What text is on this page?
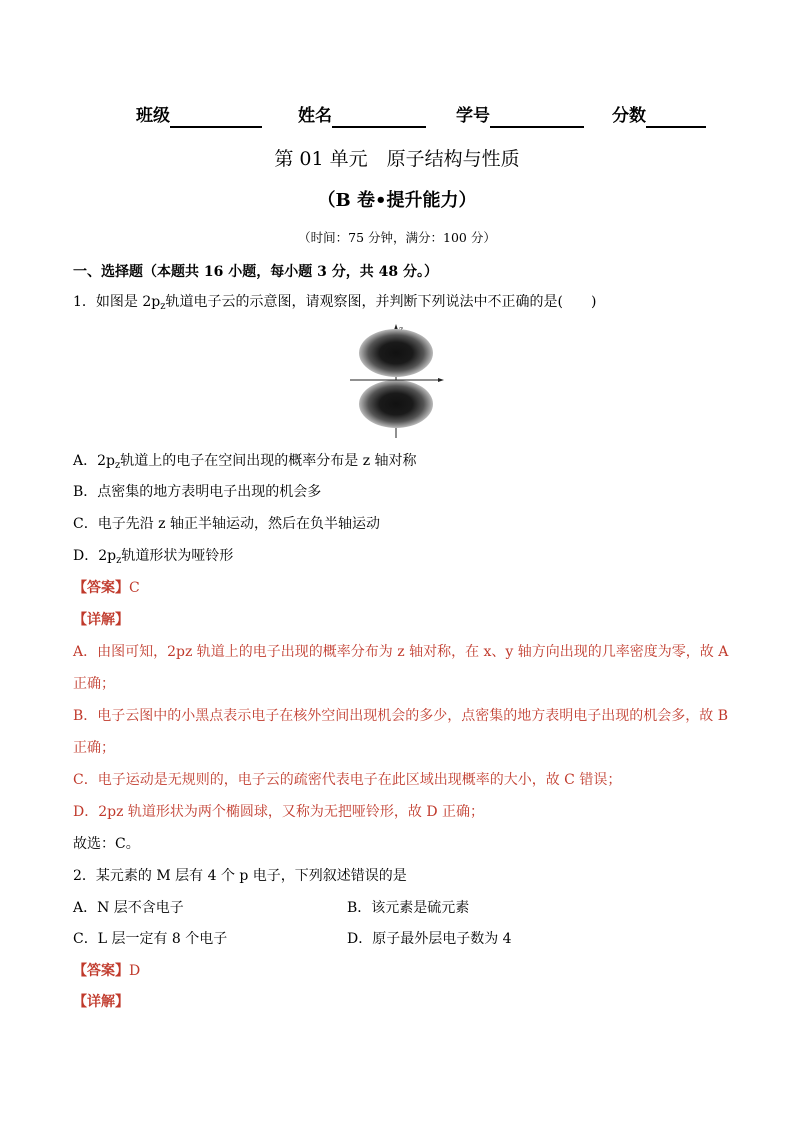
班级	姓名	学号	分数
第 01 单元　原子结构与性质
（B 卷•提升能力）
（时间：75 分钟，满分：100 分）
一、选择题（本题共 16 小题，每小题 3 分，共 48 分。）
1．如图是 $2p_z$轨道电子云的示意图，请观察图，并判断下列说法中不正确的是(　　)
A．$2p_z$轨道上的电子在空间出现的概率分布是 z 轴对称
B．点密集的地方表明电子出现的机会多
C．电子先沿 z 轴正半轴运动，然后在负半轴运动
D．$2p_z$轨道形状为哑铃形
【答案】C
【详解】
A．由图可知，2pz 轨道上的电子出现的概率分布为 z 轴对称，在 x、y 轴方向出现的几率密度为零，故 A
正确；
B．电子云图中的小黑点表示电子在核外空间出现机会的多少，点密集的地方表明电子出现的机会多，故 B
正确；
C．电子运动是无规则的，电子云的疏密代表电子在此区域出现概率的大小，故 C 错误；
D．2pz 轨道形状为两个椭圆球，又称为无把哑铃形，故 D 正确；
故选：C。
2．某元素的 M 层有 4 个 p 电子，下列叙述错误的是
A．N 层不含电子	B．该元素是硫元素
C．L 层一定有 8 个电子	D．原子最外层电子数为 4
【答案】D
【详解】
